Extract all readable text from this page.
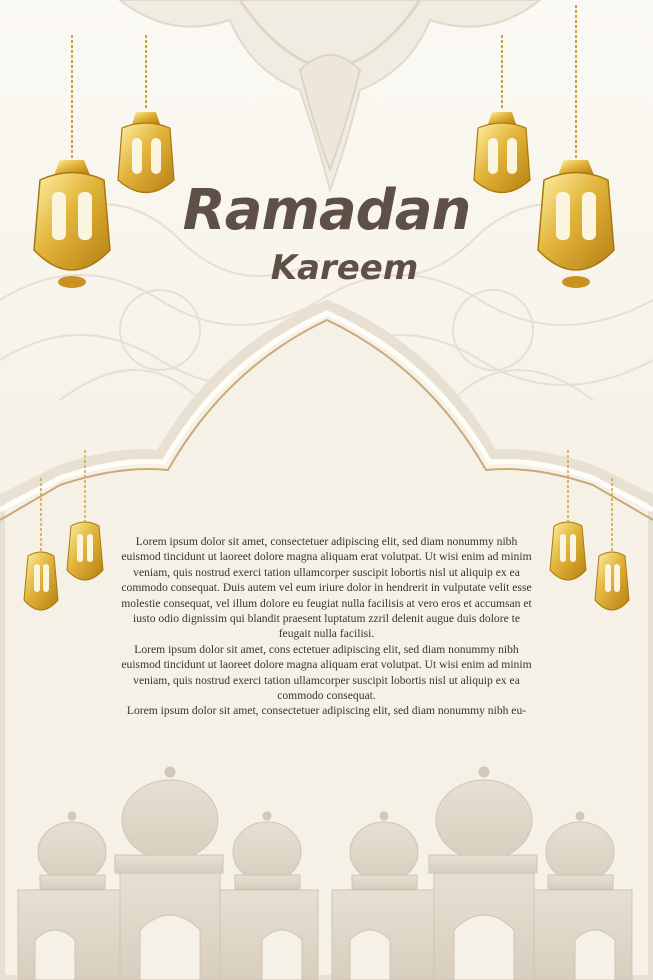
Ramadan
Kareem

Lorem ipsum dolor sit amet, consectetuer adipiscing elit, sed diam nonummy nibh euismod tincidunt ut laoreet dolore magna aliquam erat volutpat. Ut wisi enim ad minim veniam, quis nostrud exerci tation ullamcorper suscipit lobortis nisl ut aliquip ex ea commodo consequat. Duis autem vel eum iriure dolor in hendrerit in vulputate velit esse molestie consequat, vel illum dolore eu feugiat nulla facilisis at vero eros et accumsan et iusto odio dignissim qui blandit praesent luptatum zzril delenit augue duis dolore te feugait nulla facilisi.

Lorem ipsum dolor sit amet, cons ectetuer adipiscing elit, sed diam nonummy nibh euismod tincidunt ut laoreet dolore magna aliquam erat volutpat. Ut wisi enim ad minim veniam, quis nostrud exerci tation ullamcorper suscipit lobortis nisl ut aliquip ex ea commodo consequat.

Lorem ipsum dolor sit amet, consectetuer adipiscing elit, sed diam nonummy nibh eu-
